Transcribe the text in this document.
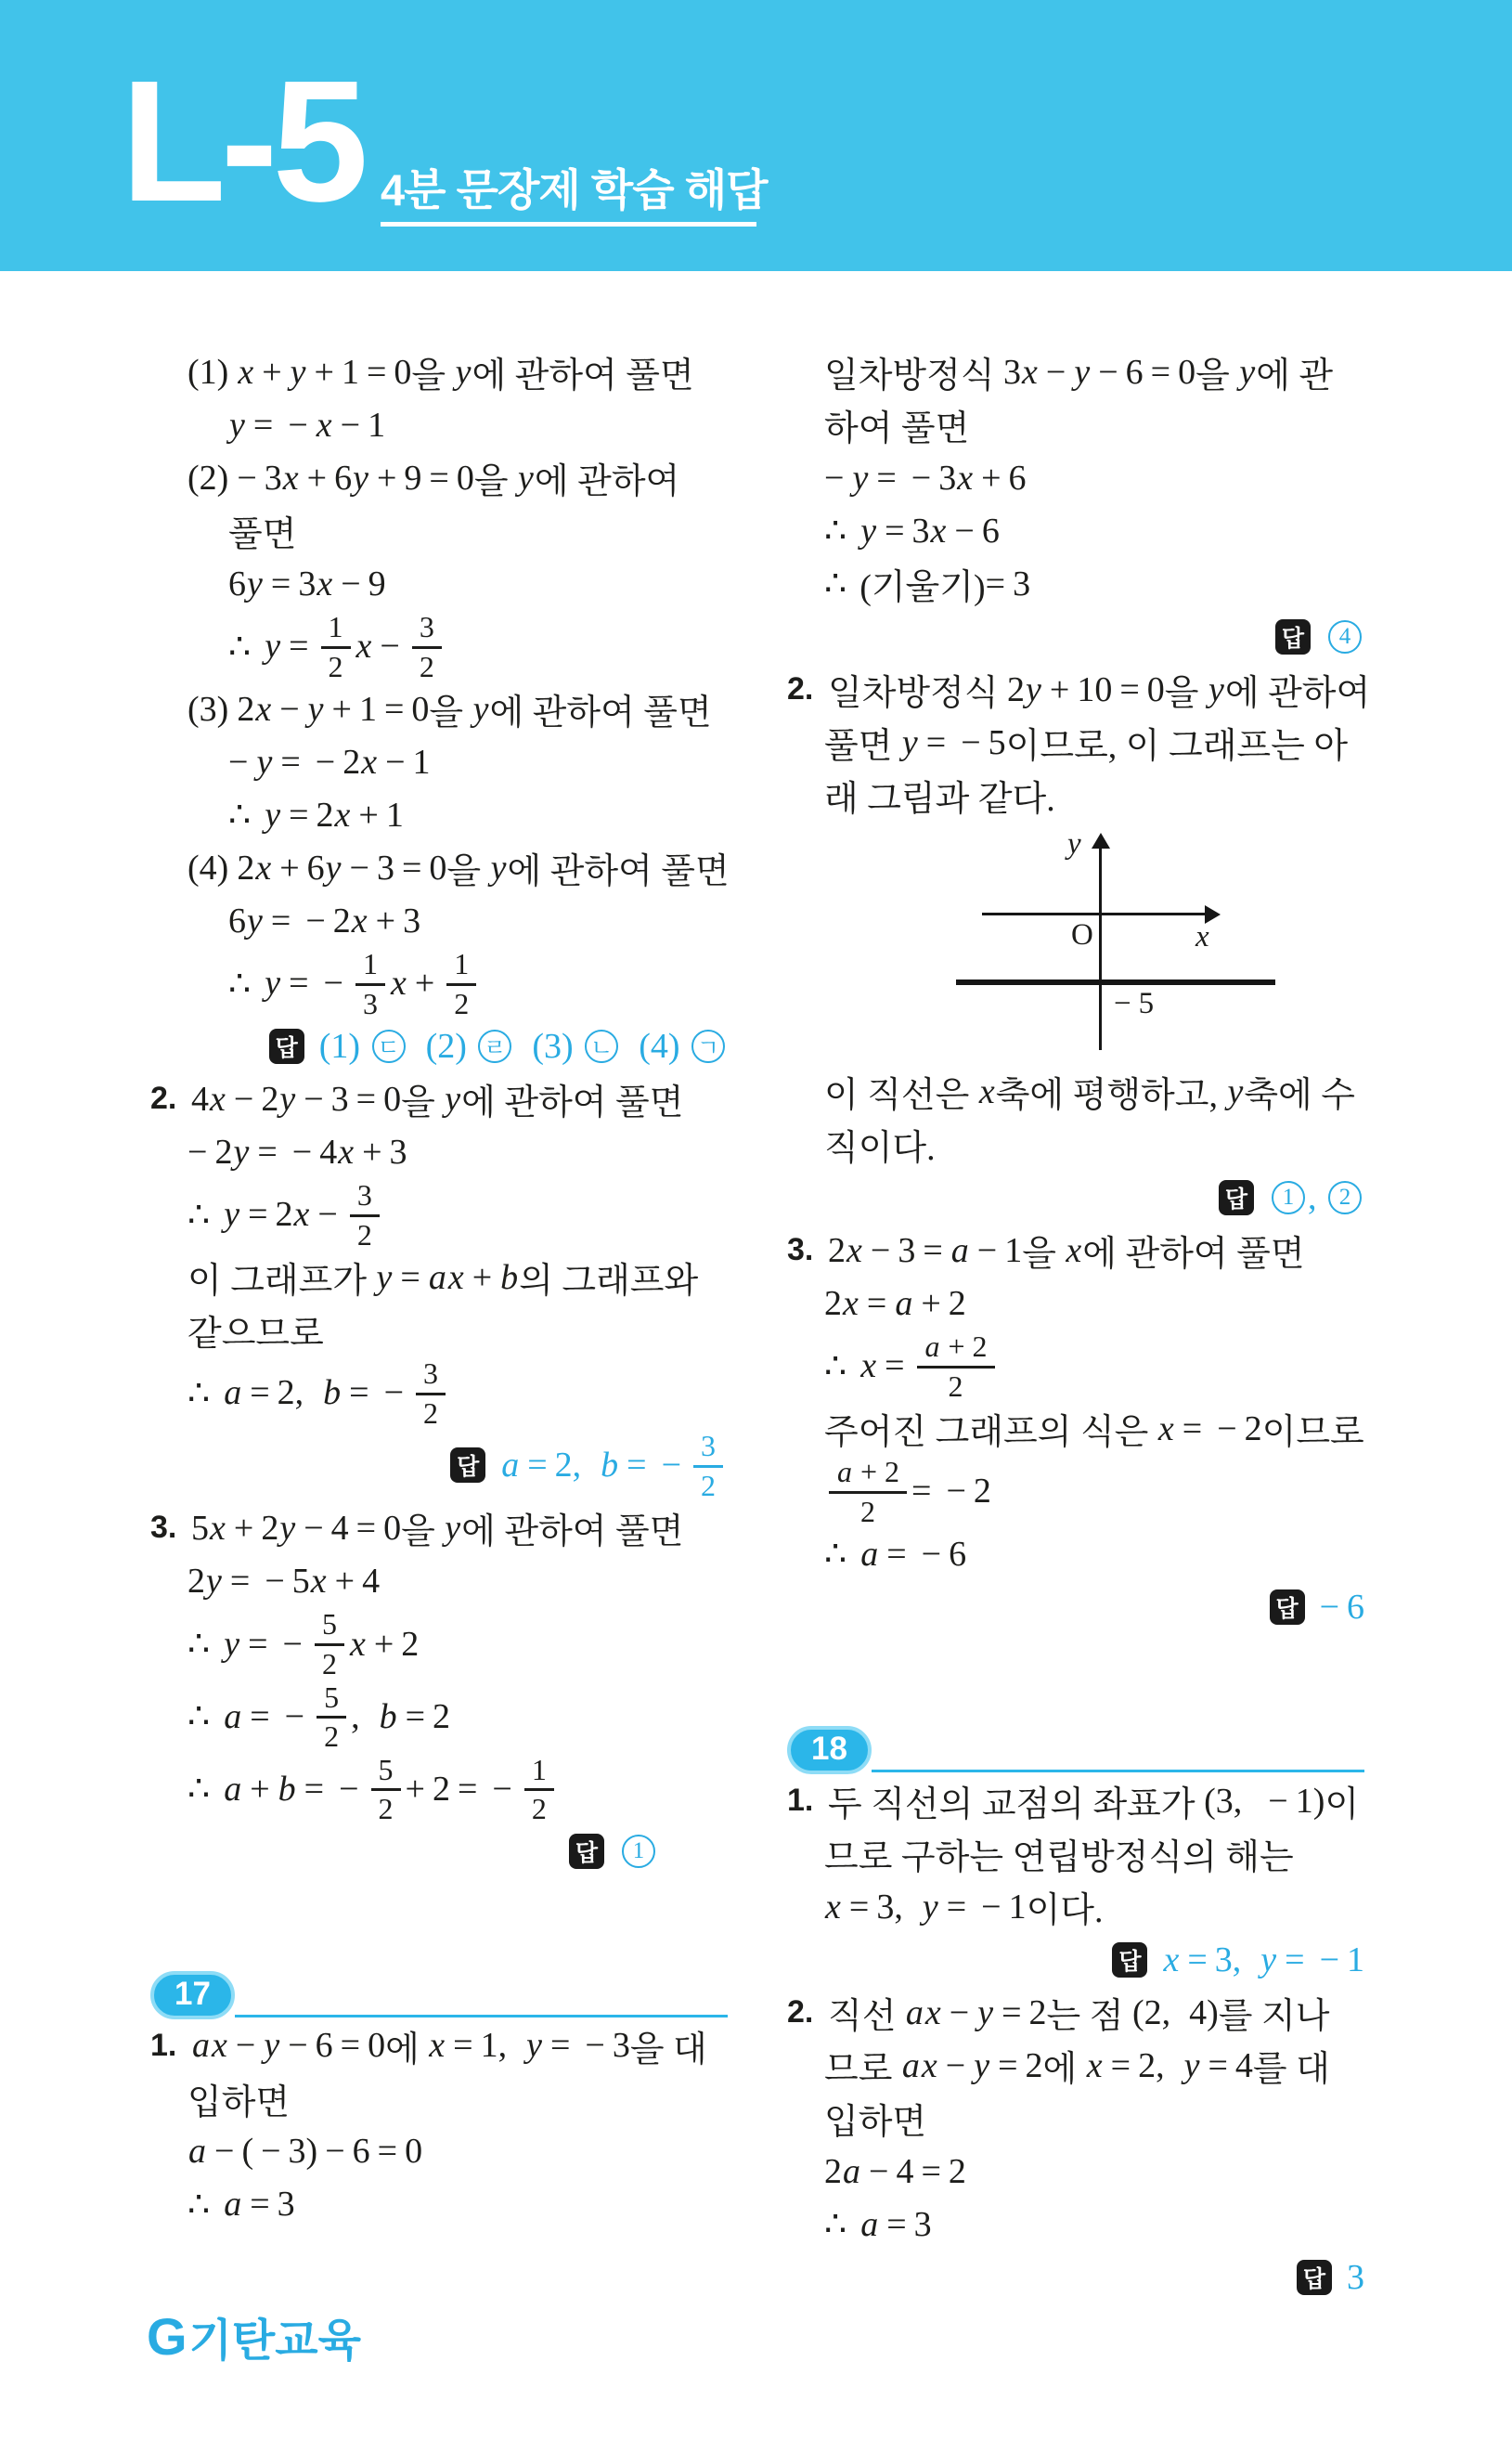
L-5 4분 문장제 학습 해답
(1) x + y + 1 = 0 을 y 에 관하여 풀면
y = − x − 1
(2) − 3 x + 6 y + 9 = 0 을 y 에 관하여
풀면
6 y = 3 x − 9
∴ $y = \frac{1}{2}$ $x - \frac{3}{2}$
(3) 2 x − y + 1 = 0 을 y 에 관하여 풀면
− y = − 2 x − 1
∴ y = 2 x + 1
(4) 2 x + 6 y − 3 = 0 을 y 에 관하여 풀면
6 y = − 2 x + 3
∴ y = − $\frac{1}{3}$ $x + \frac{1}{2}$
답 (1) ㄷ (2) ㄹ (3) ㄴ (4) ㄱ
2. 4 x − 2 y − 3 = 0 을 y 에 관하여 풀면
− 2 y = − 4 x + 3
∴ y = 2 $x - \frac{3}{2}$
이 그래프가 y = a x + b 의 그래프와
같으므로
∴ a = 2 ,
b = − $\frac{3}{2}$
답 a = 2 ,
b = − $\frac{3}{2}$
3. 5 x + 2 y − 4 = 0 을 y 에 관하여 풀면
2 y = − 5 x + 4
∴ y = − $\frac{5}{2}$ x + 2
∴ a = − $\frac{5}{2}$ ,
b = 2
∴ a + b = − $\frac{5}{2} + 2$ = − $\frac{1}{2}$
답	1
17
1. a x − y − 6 = 0 에 x = 1 ,
y = − 3 을 대
입하면
a − ( − 3 ) − 6 = 0
∴ a = 3
일차방정식 3 x − y − 6 = 0 을 y 에 관
하여 풀면
− y = − 3 x + 6
∴ y = 3 x − 6
∴ (기울기) = 3
답	4
2. 일차방정식 2 y + 1 0 = 0 을 y 에 관하여
풀면 y = − 5 이므로, 이 그래프는 아
래 그림과 같다.
y
x
O
− 5
이 직선은 x 축에 평행하고, y 축에 수
직이다.
답	1 , 2
3. 2 x − 3 = a − 1 을 x 에 관하여 풀면
2 x = a + 2
∴ $x = \frac{a + 2}{2}$
주어진 그래프의 식은 x = − 2 이므로
$\frac{a + 2}{2}$ = − 2
∴ a = − 6
답 − 6
18
1. 두 직선의 교점의 좌표가 ( 3 ,
− 1 ) 이
므로 구하는 연립방정식의 해는
x = 3 ,
y = − 1 이다.
답 x = 3 ,
y = − 1
2. 직선 a x − y = 2 는 점 ( 2 ,
4 ) 를 지나
므로 a x − y = 2 에 x = 2 ,
y = 4 를 대
입하면
2 a − 4 = 2
∴ a = 3
답 3
G 기탄교육
